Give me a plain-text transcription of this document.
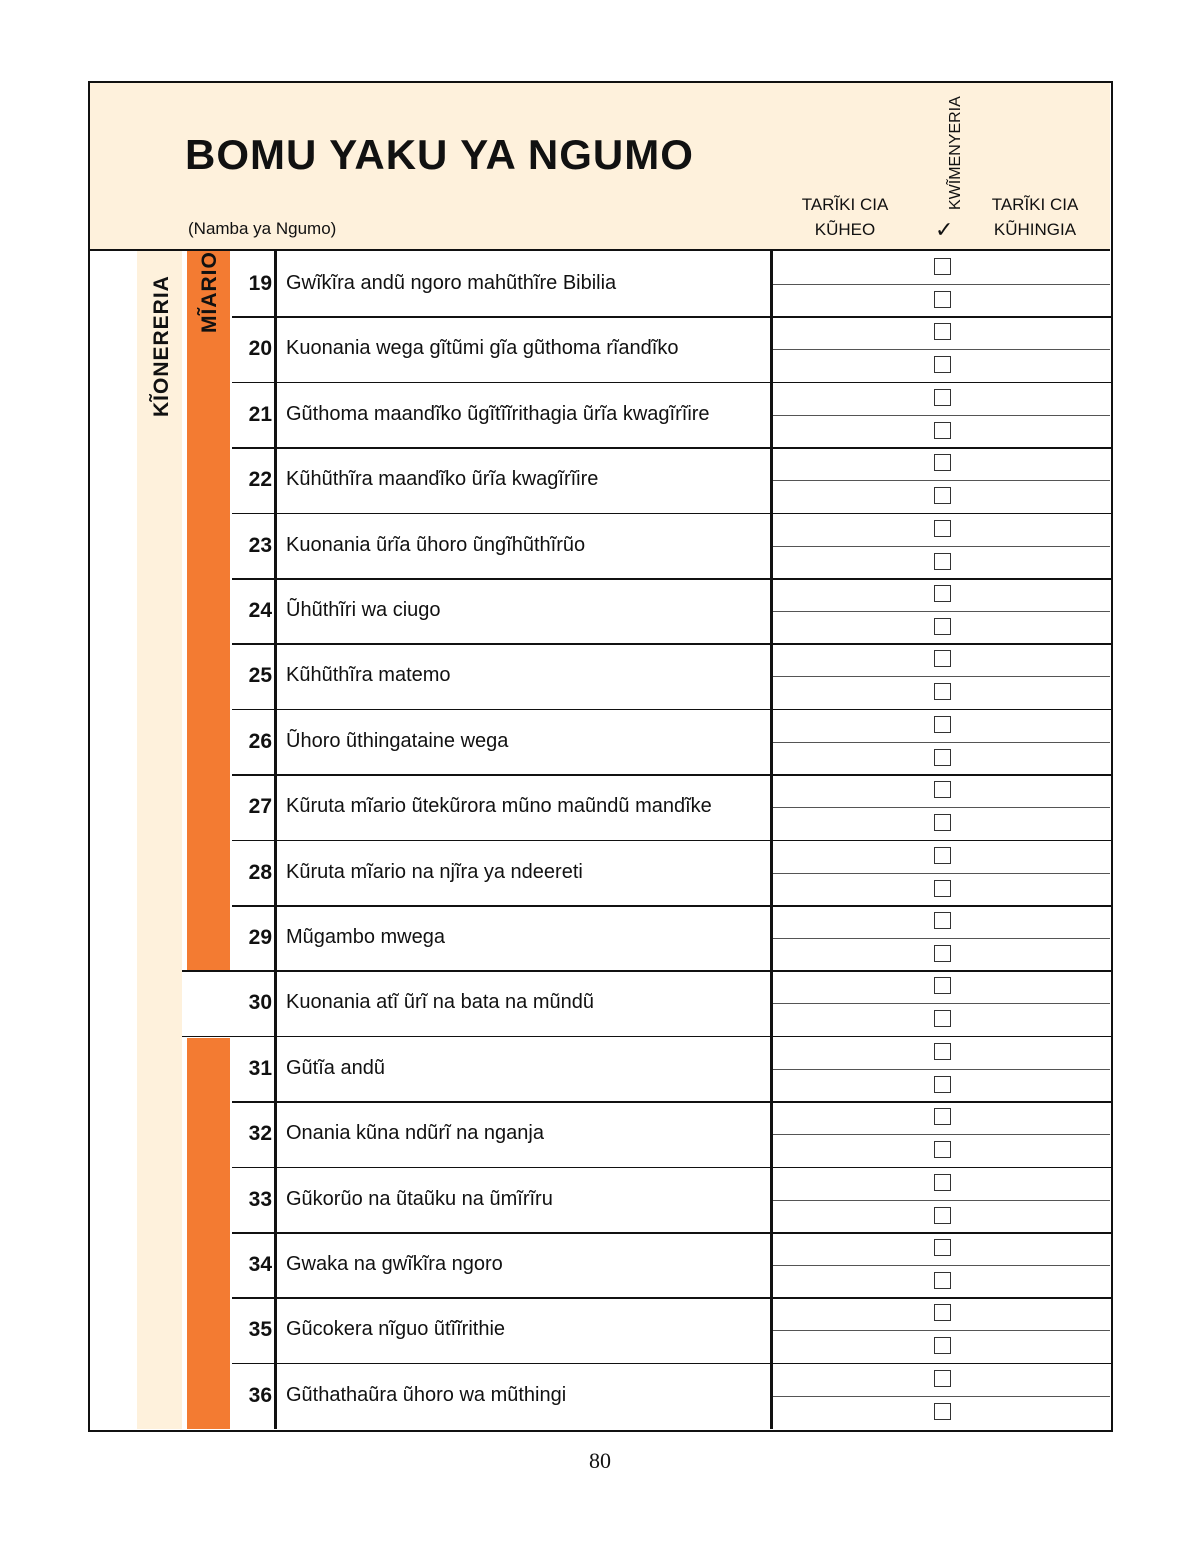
BOMU YAKU YA NGUMO
(Namba ya Ngumo)
TARĨKI CIA
KŨHEO
KWĨMENYERIA
✓
TARĨKI CIA
KŨHINGIA
KĨONERERIA MĨARIO	19 Gwĩkĩra andũ ngoro mahũthĩre Bibilia
20 Kuonania wega gĩtũmi gĩa gũthoma rĩandĩko
21 Gũthoma maandĩko ũgĩtĩĩrithagia ũrĩa kwagĩrĩire
22 Kũhũthĩra maandĩko ũrĩa kwagĩrĩire
23 Kuonania ũrĩa ũhoro ũngĩhũthĩrũo
24 Ũhũthĩri wa ciugo
25 Kũhũthĩra matemo
26 Ũhoro ũthingataine wega
27 Kũruta mĩario ũtekũrora mũno maũndũ mandĩke
28 Kũruta mĩario na njĩra ya ndeereti
29 Mũgambo mwega
30 Kuonania atĩ ũrĩ na bata na mũndũ
31 Gũtĩa andũ
32 Onania kũna ndũrĩ na nganja
33 Gũkorũo na ũtaũku na ũmĩrĩru
34 Gwaka na gwĩkĩra ngoro
35 Gũcokera nĩguo ũtĩĩrithie
36 Gũthathaũra ũhoro wa mũthingi
80
